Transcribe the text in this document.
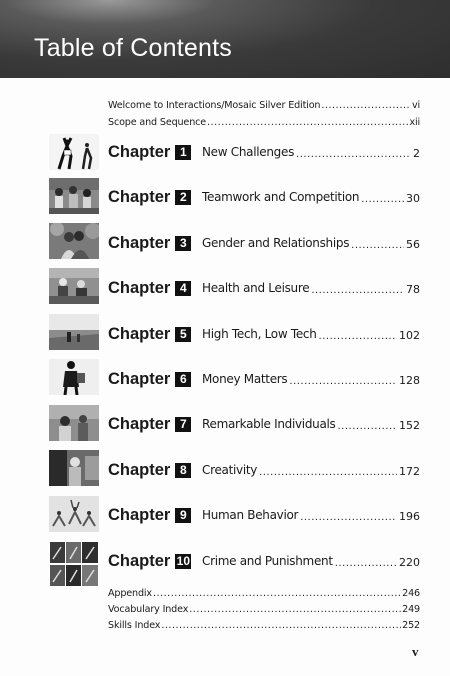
Table of Contents
Welcome to Interactions/Mosaic Silver Edition .....	vi
Scope and Sequence .....	xii
Chapter 1	New Challenges .....	2
Chapter 2	Teamwork and Competition .....	30
Chapter 3	Gender and Relationships .....	56
Chapter 4	Health and Leisure .....	78
Chapter 5	High Tech, Low Tech .....	102
Chapter 6	Money Matters .....	128
Chapter 7	Remarkable Individuals .....	152
Chapter 8	Creativity .....	172
Chapter 9	Human Behavior .....	196
Chapter 10 Crime and Punishment .....	220
Appendix .....	246
Vocabulary Index .....	249
Skills Index .....	252
v
